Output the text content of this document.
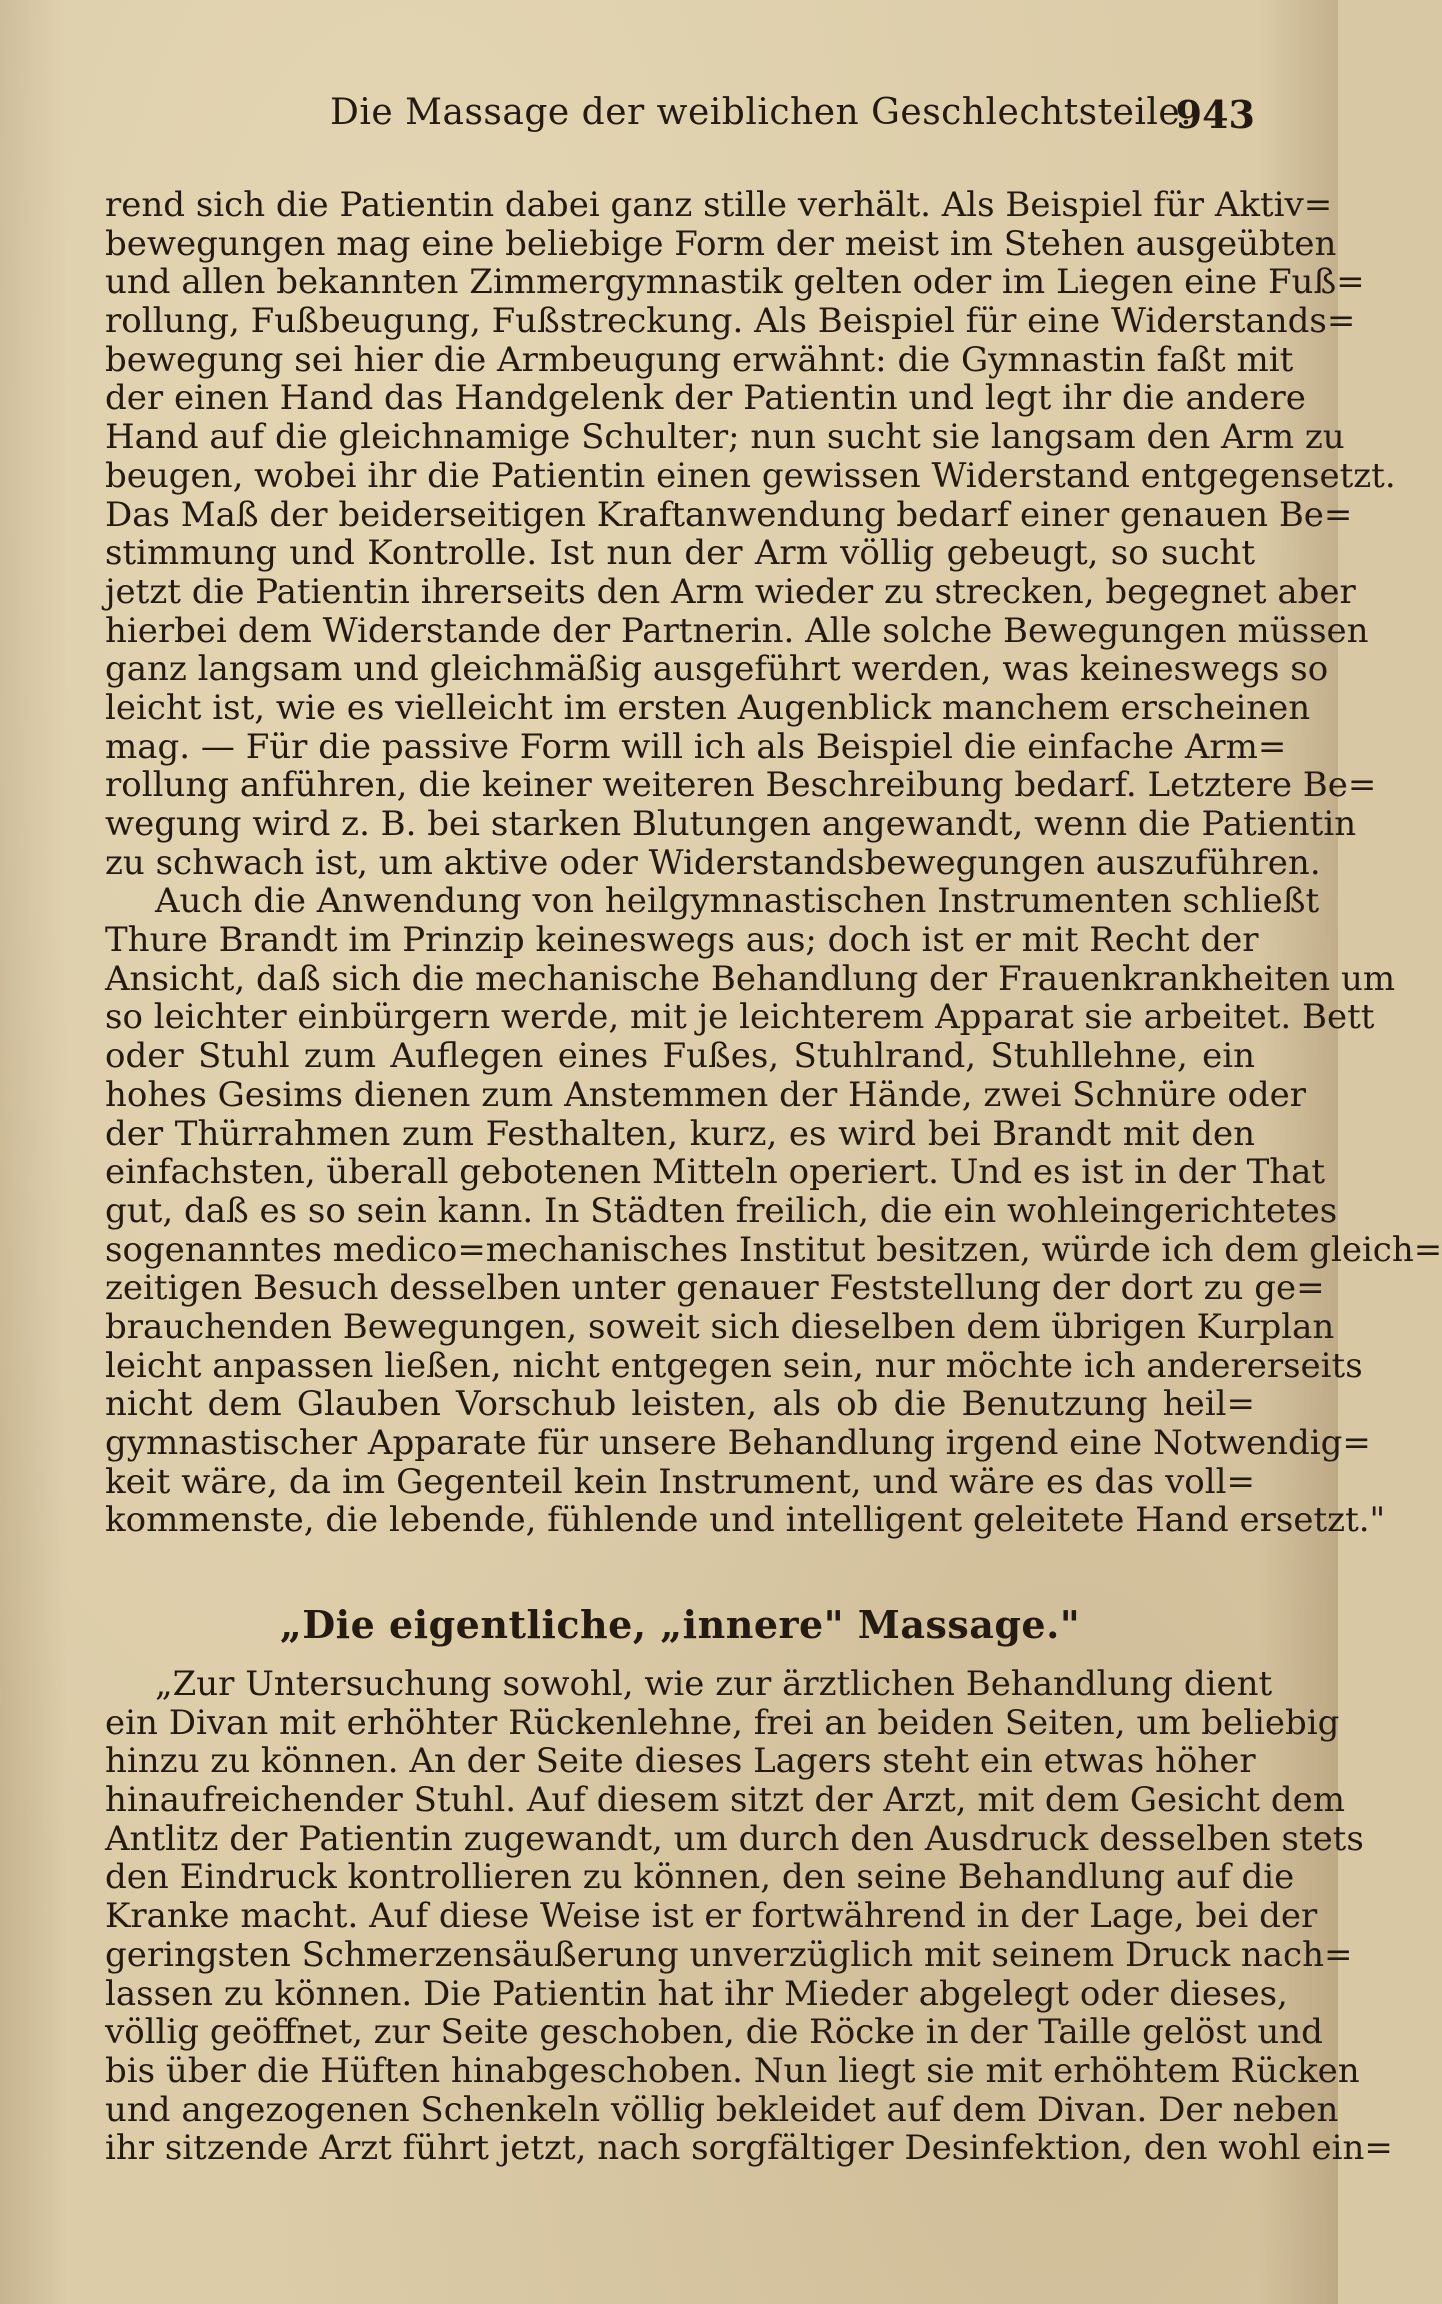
Die Massage der weiblichen Geschlechtsteile.
943
rend sich die Patientin dabei ganz stille verhält. Als Beispiel für Aktiv=
bewegungen mag eine beliebige Form der meist im Stehen ausgeübten
und allen bekannten Zimmergymnastik gelten oder im Liegen eine Fuß=
rollung, Fußbeugung, Fußstreckung. Als Beispiel für eine Widerstands=
bewegung sei hier die Armbeugung erwähnt: die Gymnastin faßt mit
der einen Hand das Handgelenk der Patientin und legt ihr die andere
Hand auf die gleichnamige Schulter; nun sucht sie langsam den Arm zu
beugen, wobei ihr die Patientin einen gewissen Widerstand entgegensetzt.
Das Maß der beiderseitigen Kraftanwendung bedarf einer genauen Be=
stimmung und Kontrolle. Ist nun der Arm völlig gebeugt, so sucht
jetzt die Patientin ihrerseits den Arm wieder zu strecken, begegnet aber
hierbei dem Widerstande der Partnerin. Alle solche Bewegungen müssen
ganz langsam und gleichmäßig ausgeführt werden, was keineswegs so
leicht ist, wie es vielleicht im ersten Augenblick manchem erscheinen
mag. — Für die passive Form will ich als Beispiel die einfache Arm=
rollung anführen, die keiner weiteren Beschreibung bedarf. Letztere Be=
wegung wird z. B. bei starken Blutungen angewandt, wenn die Patientin
zu schwach ist, um aktive oder Widerstandsbewegungen auszuführen.
Auch die Anwendung von heilgymnastischen Instrumenten schließt
Thure Brandt im Prinzip keineswegs aus; doch ist er mit Recht der
Ansicht, daß sich die mechanische Behandlung der Frauenkrankheiten um
so leichter einbürgern werde, mit je leichterem Apparat sie arbeitet. Bett
oder Stuhl zum Auflegen eines Fußes, Stuhlrand, Stuhllehne, ein
hohes Gesims dienen zum Anstemmen der Hände, zwei Schnüre oder
der Thürrahmen zum Festhalten, kurz, es wird bei Brandt mit den
einfachsten, überall gebotenen Mitteln operiert. Und es ist in der That
gut, daß es so sein kann. In Städten freilich, die ein wohleingerichtetes
sogenanntes medico=mechanisches Institut besitzen, würde ich dem gleich=
zeitigen Besuch desselben unter genauer Feststellung der dort zu ge=
brauchenden Bewegungen, soweit sich dieselben dem übrigen Kurplan
leicht anpassen ließen, nicht entgegen sein, nur möchte ich andererseits
nicht dem Glauben Vorschub leisten, als ob die Benutzung heil=
gymnastischer Apparate für unsere Behandlung irgend eine Notwendig=
keit wäre, da im Gegenteil kein Instrument, und wäre es das voll=
kommenste, die lebende, fühlende und intelligent geleitete Hand ersetzt."
„Die eigentliche, „innere" Massage."
„Zur Untersuchung sowohl, wie zur ärztlichen Behandlung dient
ein Divan mit erhöhter Rückenlehne, frei an beiden Seiten, um beliebig
hinzu zu können. An der Seite dieses Lagers steht ein etwas höher
hinaufreichender Stuhl. Auf diesem sitzt der Arzt, mit dem Gesicht dem
Antlitz der Patientin zugewandt, um durch den Ausdruck desselben stets
den Eindruck kontrollieren zu können, den seine Behandlung auf die
Kranke macht. Auf diese Weise ist er fortwährend in der Lage, bei der
geringsten Schmerzensäußerung unverzüglich mit seinem Druck nach=
lassen zu können. Die Patientin hat ihr Mieder abgelegt oder dieses,
völlig geöffnet, zur Seite geschoben, die Röcke in der Taille gelöst und
bis über die Hüften hinabgeschoben. Nun liegt sie mit erhöhtem Rücken
und angezogenen Schenkeln völlig bekleidet auf dem Divan. Der neben
ihr sitzende Arzt führt jetzt, nach sorgfältiger Desinfektion, den wohl ein=
